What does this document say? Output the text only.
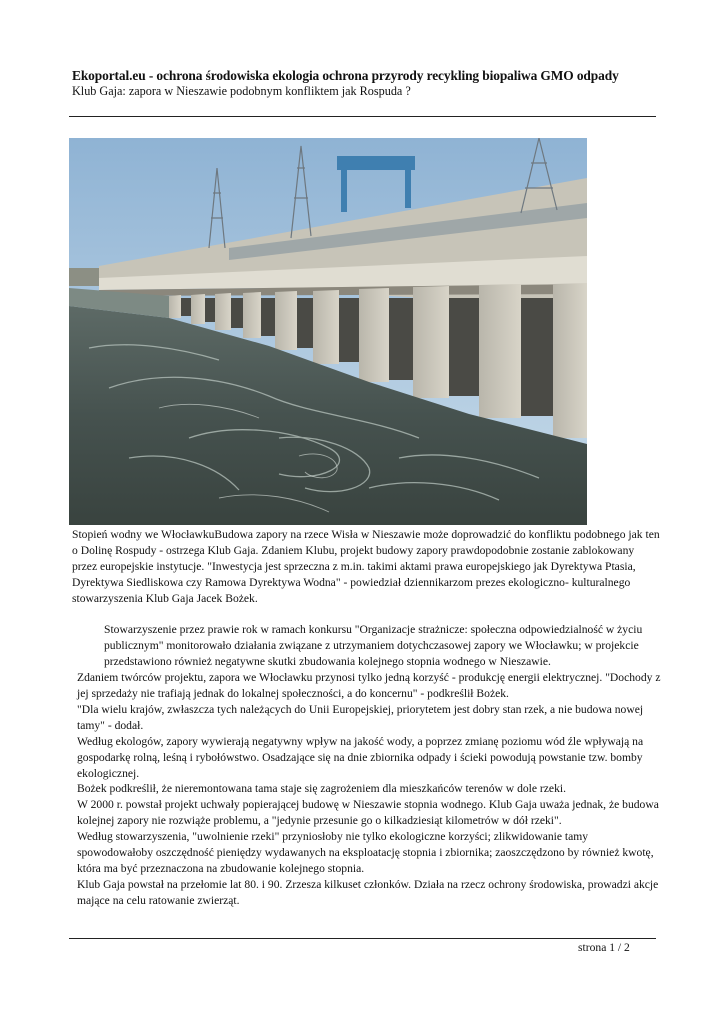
Ekoportal.eu - ochrona środowiska ekologia ochrona przyrody recykling biopaliwa GMO odpady
Klub Gaja: zapora w Nieszawie podobnym konfliktem jak Rospuda ?

Stopień wodny we WłocławkuBudowa zapory na rzece Wisła w Nieszawie może doprowadzić do konfliktu podobnego jak ten o Dolinę Rospudy - ostrzega Klub Gaja. Zdaniem Klubu, projekt budowy zapory prawdopodobnie zostanie zablokowany przez europejskie instytucje. "Inwestycja jest sprzeczna z m.in. takimi aktami prawa europejskiego jak Dyrektywa Ptasia, Dyrektywa Siedliskowa czy Ramowa Dyrektywa Wodna" - powiedział dziennikarzom prezes ekologiczno- kulturalnego stowarzyszenia Klub Gaja Jacek Bożek.

Stowarzyszenie przez prawie rok w ramach konkursu "Organizacje strażnicze: społeczna odpowiedzialność w życiu publicznym" monitorowało działania związane z utrzymaniem dotychczasowej zapory we Włocławku; w projekcie przedstawiono również negatywne skutki zbudowania kolejnego stopnia wodnego w Nieszawie.

Zdaniem twórców projektu, zapora we Włocławku przynosi tylko jedną korzyść - produkcję energii elektrycznej. "Dochody z jej sprzedaży nie trafiają jednak do lokalnej społeczności, a do koncernu" - podkreślił Bożek.

"Dla wielu krajów, zwłaszcza tych należących do Unii Europejskiej, priorytetem jest dobry stan rzek, a nie budowa nowej tamy" - dodał.

Według ekologów, zapory wywierają negatywny wpływ na jakość wody, a poprzez zmianę poziomu wód źle wpływają na gospodarkę rolną, leśną i rybołówstwo. Osadzające się na dnie zbiornika odpady i ścieki powodują powstanie tzw. bomby ekologicznej.

Bożek podkreślił, że nieremontowana tama staje się zagrożeniem dla mieszkańców terenów w dole rzeki.

W 2000 r. powstał projekt uchwały popierającej budowę w Nieszawie stopnia wodnego. Klub Gaja uważa jednak, że budowa kolejnej zapory nie rozwiąże problemu, a "jedynie przesunie go o kilkadziesiąt kilometrów w dół rzeki".

Według stowarzyszenia, "uwolnienie rzeki" przyniosłoby nie tylko ekologiczne korzyści; zlikwidowanie tamy spowodowałoby oszczędność pieniędzy wydawanych na eksploatację stopnia i zbiornika; zaoszczędzono by również kwotę, która ma być przeznaczona na zbudowanie kolejnego stopnia.

Klub Gaja powstał na przełomie lat 80. i 90. Zrzesza kilkuset członków. Działa na rzecz ochrony środowiska, prowadzi akcje mające na celu ratowanie zwierząt.

strona 1 / 2
